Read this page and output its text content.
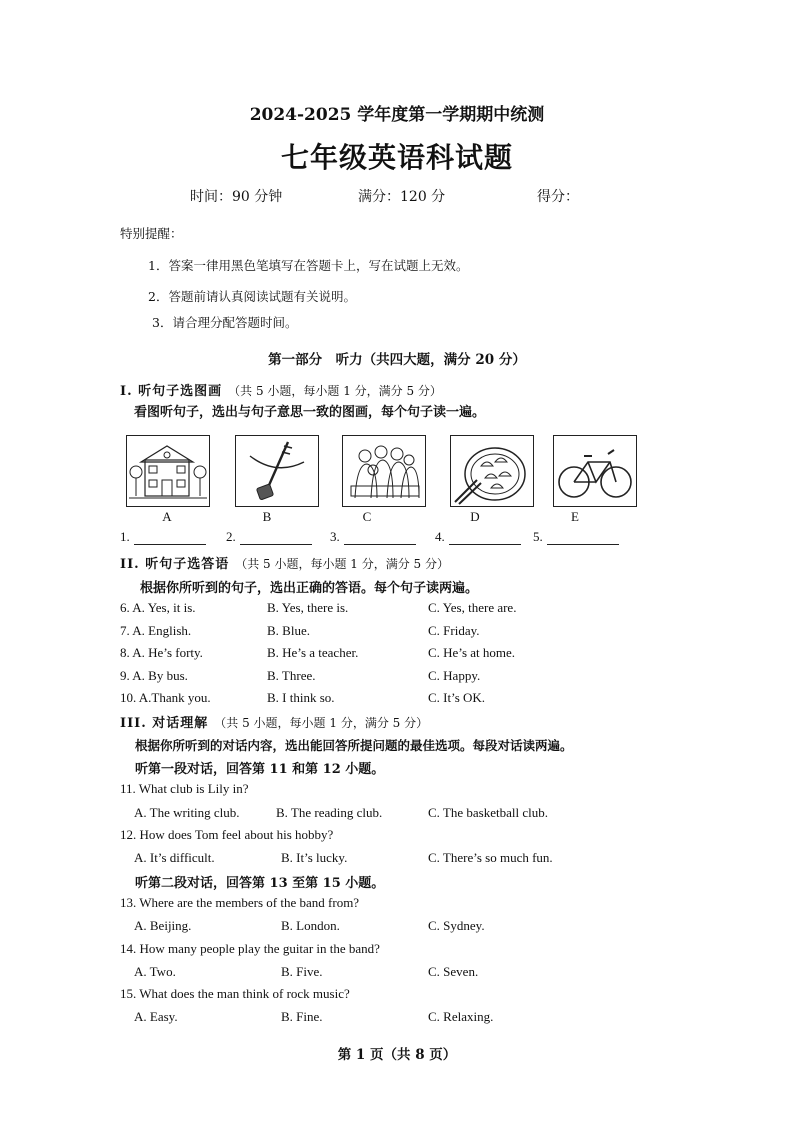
2024-2025 学年度第一学期期中统测
七年级英语科试题
时间：90 分钟	满分：120 分	得分：
特别提醒：
1．答案一律用黑色笔填写在答题卡上，写在试题上无效。
2．答题前请认真阅读试题有关说明。
3．请合理分配答题时间。
第一部分　听力（共四大题，满分 20 分）
I. 听句子选图画 （共 5 小题，每小题 1 分，满分 5 分）
看图听句子，选出与句子意思一致的图画，每个句子读一遍。
A	B	C	D	E
1.	2.	3.	4.	5.
II. 听句子选答语 （共 5 小题，每小题 1 分，满分 5 分）
根据你所听到的句子，选出正确的答语。每个句子读两遍。
6. A. Yes, it is.	B. Yes, there is.	C. Yes, there are.
7. A. English.	B. Blue.	C. Friday.
8. A. He’s forty.	B. He’s a teacher.	C. He’s at home.
9. A. By bus.	B. Three.	C. Happy.
10. A.Thank you.	B. I think so.	C. It’s OK.
III. 对话理解 （共 5 小题，每小题 1 分，满分 5 分）
根据你所听到的对话内容，选出能回答所提问题的最佳选项。每段对话读两遍。
听第一段对话，回答第 11 和第 12 小题。
11. What club is Lily in?
A. The writing club.	B. The reading club.	C. The basketball club.
12. How does Tom feel about his hobby?
A. It’s difficult.	B. It’s lucky.	C. There’s so much fun.
听第二段对话，回答第 13 至第 15 小题。
13. Where are the members of the band from?
A. Beijing.	B. London.	C. Sydney.
14. How many people play the guitar in the band?
A. Two.	B. Five.	C. Seven.
15. What does the man think of rock music?
A. Easy.	B. Fine.	C. Relaxing.
第 1 页（共 8 页）
